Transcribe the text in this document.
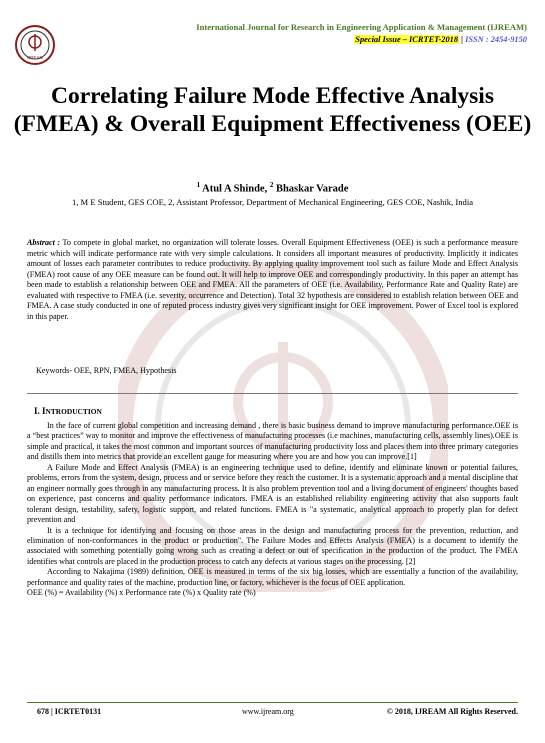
IJREAM
International Journal for Research in Engineering Application & Management (IJREAM)
Special Issue – ICRTET-2018 | ISSN : 2454-9150
Correlating Failure Mode Effective Analysis (FMEA) & Overall Equipment Effectiveness (OEE)
$^1$ Atul A Shinde, $^2$ Bhaskar Varade
1, M E Student, GES COE, 2, Assistant Professor, Department of Mechanical Engineering, GES COE, Nashik, India

Abstract : To compete in global market, no organization will tolerate losses. Overall Equipment Effectiveness (OEE) is such a performance measure metric which will indicate performance rate with very simple calculations. It considers all important measures of productivity. Implicitly it indicates amount of losses each parameter contributes to reduce productivity. By applying quality improvement tool such as failure Mode and Effect Analysis (FMEA) root cause of any OEE measure can be found out. It will help to improve OEE and correspondingly productivity. In this paper an attempt has been made to establish a relationship between OEE and FMEA. All the parameters of OEE (i.e. Availability, Performance Rate and Quality Rate) are evaluated with respective to FMEA (i.e. severity, occurrence and Detection). Total 32 hypothesis are considered to establish relation between OEE and FMEA. A case study conducted in one of reputed process industry gives very significant insight for OEE improvement. Power of Excel tool is explored in this paper.

Keywords- OEE, RPN, FMEA, Hypothesis
I. INTRODUCTION

In the face of current global competition and increasing demand , there is basic business demand to improve manufacturing performance.OEE is a “best practices” way to monitor and improve the effectiveness of manufacturing processes (i.e machines, manufacturing cells, assembly lines).OEE is simple and practical, it takes the most common and important sources of manufacturing productivity loss and places them into three primary categories and distills them into metrics that provide an excellent gauge for measuring where you are and how you can improve.[1]

A Failure Mode and Effect Analysis (FMEA) is an engineering technique used to define, identify and eliminate known or potential failures, problems, errors from the system, design, process and or service before they reach the customer. It is a systematic approach and a mental discipline that an engineer normally goes through in any manufacturing process. It is also problem prevention tool and a living document of engineers' thoughts based on experience, past concerns and quality performance indicators. FMEA is an established reliability engineering activity that also supports fault tolerant design, testability, safety, logistic support, and related functions. FMEA is "a systematic, analytical approach to properly plan for defect prevention and

It is a technique for identifying and focusing on those areas in the design and manufacturing process for the prevention, reduction, and elimination of non-conformances in the product or production". The Failure Modes and Effects Analysis (FMEA) is a document to identify the associated with something potentially going wrong such as creating a defect or out of specification in the production of the product. The FMEA identifies what controls are placed in the production process to catch any defects at various stages on the processing. [2]

According to Nakajima (1989) definition, OEE is measured in terms of the six big losses, which are essentially a function of the availability, performance and quality rates of the machine, production line, or factory, whichever is the focus of OEE application.

OEE (%) = Availability (%) x Performance rate (%) x Quality rate (%)

678 | ICRTET0131	www.ijream.org	© 2018, IJREAM All Rights Reserved.
